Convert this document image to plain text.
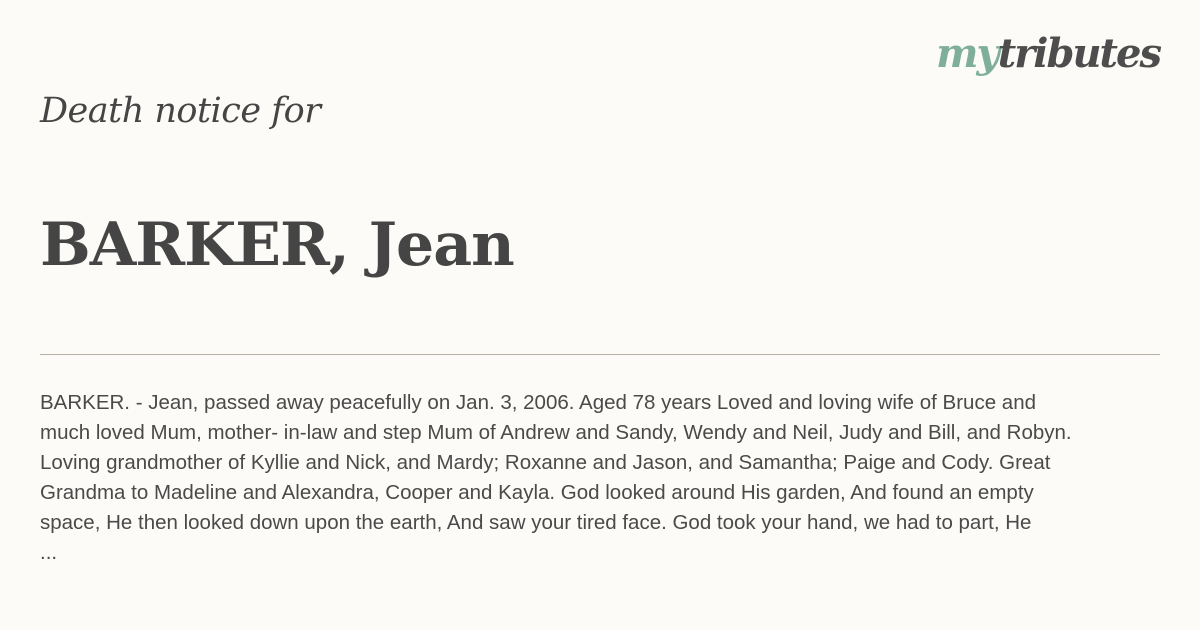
mytributes
Death notice for
BARKER, Jean

BARKER. - Jean, passed away peacefully on Jan. 3, 2006. Aged 78 years Loved and loving wife of Bruce and
much loved Mum, mother- in-law and step Mum of Andrew and Sandy, Wendy and Neil, Judy and Bill, and Robyn.
Loving grandmother of Kyllie and Nick, and Mardy; Roxanne and Jason, and Samantha; Paige and Cody. Great
Grandma to Madeline and Alexandra, Cooper and Kayla. God looked around His garden, And found an empty
space, He then looked down upon the earth, And saw your tired face. God took your hand, we had to part, He
...
